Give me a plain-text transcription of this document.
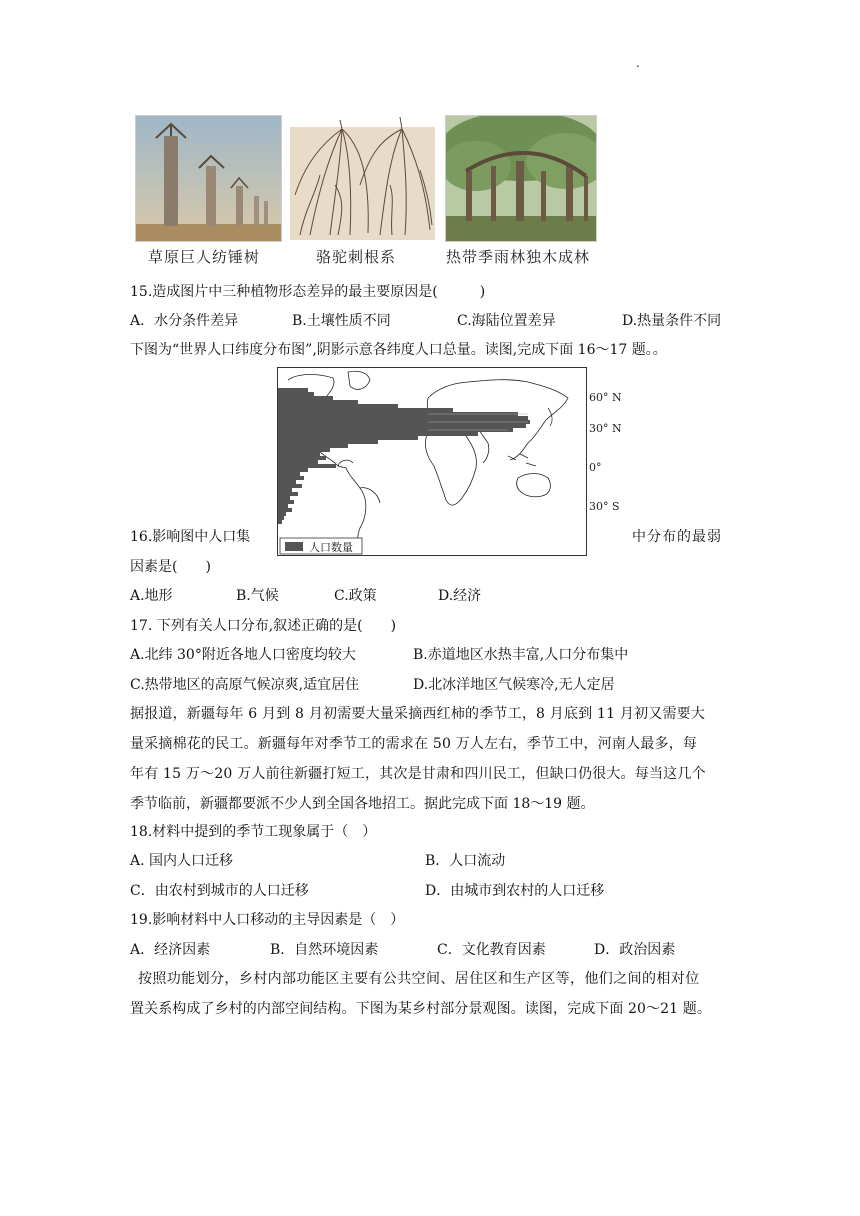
.
草原巨人纺锤树	骆驼刺根系	热带季雨林独木成林
15.造成图片中三种植物形态差异的最主要原因是(　　　)
A．水分条件差异	B.土壤性质不同	C.海陆位置差异	D.热量条件不同
下图为“世界人口纬度分布图”,阴影示意各纬度人口总量。读图,完成下面 16～17 题。。
人口数量
60° N
30° N
0°
30° S
16.影响图中人口集	中分布的最弱
因素是(　　)
A.地形	B.气候	C.政策	D.经济
17. 下列有关人口分布,叙述正确的是(　　)
A.北纬 30°附近各地人口密度均较大	B.赤道地区水热丰富,人口分布集中
C.热带地区的高原气候凉爽,适宜居住	D.北冰洋地区气候寒冷,无人定居
据报道，新疆每年 6 月到 8 月初需要大量采摘西红柿的季节工，8 月底到 11 月初又需要大
量采摘棉花的民工。新疆每年对季节工的需求在 50 万人左右，季节工中，河南人最多，每
年有 15 万～20 万人前往新疆打短工，其次是甘肃和四川民工，但缺口仍很大。每当这几个
季节临前，新疆都要派不少人到全国各地招工。据此完成下面 18～19 题。
18.材料中提到的季节工现象属于（　）
A. 国内人口迁移	B．人口流动
C．由农村到城市的人口迁移	D．由城市到农村的人口迁移
19.影响材料中人口移动的主导因素是（　）
A．经济因素	B．自然环境因素	C．文化教育因素	D．政治因素
按照功能划分，乡村内部功能区主要有公共空间、居住区和生产区等，他们之间的相对位
置关系构成了乡村的内部空间结构。下图为某乡村部分景观图。读图，完成下面 20～21 题。
